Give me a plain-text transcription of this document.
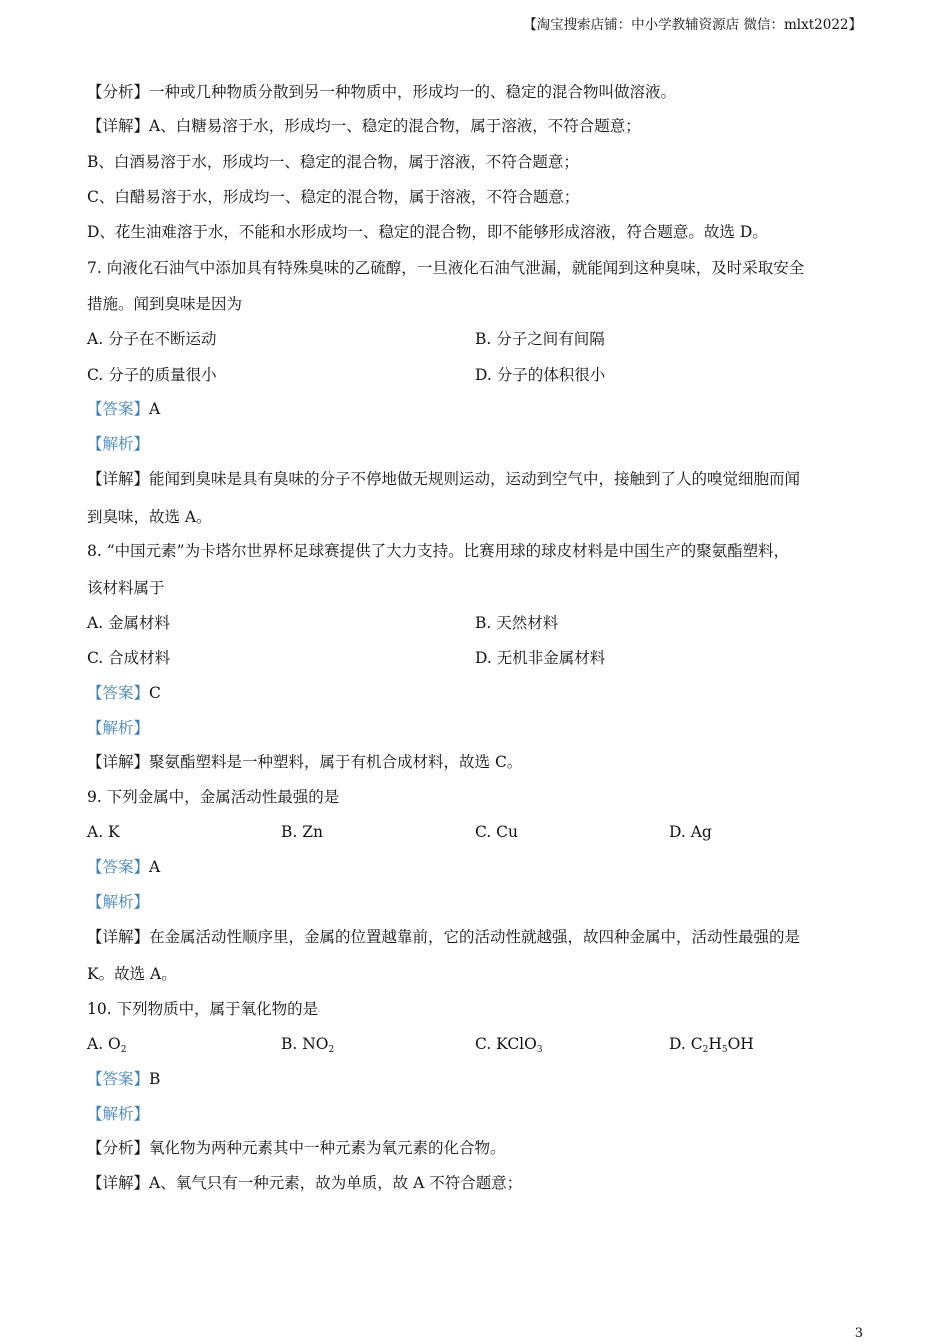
【淘宝搜索店铺：中小学教辅资源店 微信：mlxt2022】
【分析】一种或几种物质分散到另一种物质中，形成均一的、稳定的混合物叫做溶液。
【详解】A、白糖易溶于水，形成均一、稳定的混合物，属于溶液，不符合题意；
B、白酒易溶于水，形成均一、稳定的混合物，属于溶液，不符合题意；
C、白醋易溶于水，形成均一、稳定的混合物，属于溶液，不符合题意；
D、花生油难溶于水，不能和水形成均一、稳定的混合物，即不能够形成溶液，符合题意。故选 D。
7. 向液化石油气中添加具有特殊臭味的乙硫醇，一旦液化石油气泄漏，就能闻到这种臭味，及时采取安全
措施。闻到臭味是因为
A. 分子在不断运动	B. 分子之间有间隔
C. 分子的质量很小	D. 分子的体积很小
【答案】A
【解析】
【详解】能闻到臭味是具有臭味的分子不停地做无规则运动，运动到空气中，接触到了人的嗅觉细胞而闻
到臭味，故选 A。
8. “中国元素”为卡塔尔世界杯足球赛提供了大力支持。比赛用球的球皮材料是中国生产的聚氨酯塑料，
该材料属于
A. 金属材料	B. 天然材料
C. 合成材料	D. 无机非金属材料
【答案】C
【解析】
【详解】聚氨酯塑料是一种塑料，属于有机合成材料，故选 C。
9. 下列金属中，金属活动性最强的是
A. K	B. Zn	C. Cu	D. Ag
【答案】A
【解析】
【详解】在金属活动性顺序里，金属的位置越靠前，它的活动性就越强，故四种金属中，活动性最强的是
K。故选 A。
10. 下列物质中，属于氧化物的是
A. $O_2$	B. $NO_2$	C. KClO$_3$	D. $C_2H_5OH$
【答案】B
【解析】
【分析】氧化物为两种元素其中一种元素为氧元素的化合物。
【详解】A、氧气只有一种元素，故为单质，故 A 不符合题意；
3
